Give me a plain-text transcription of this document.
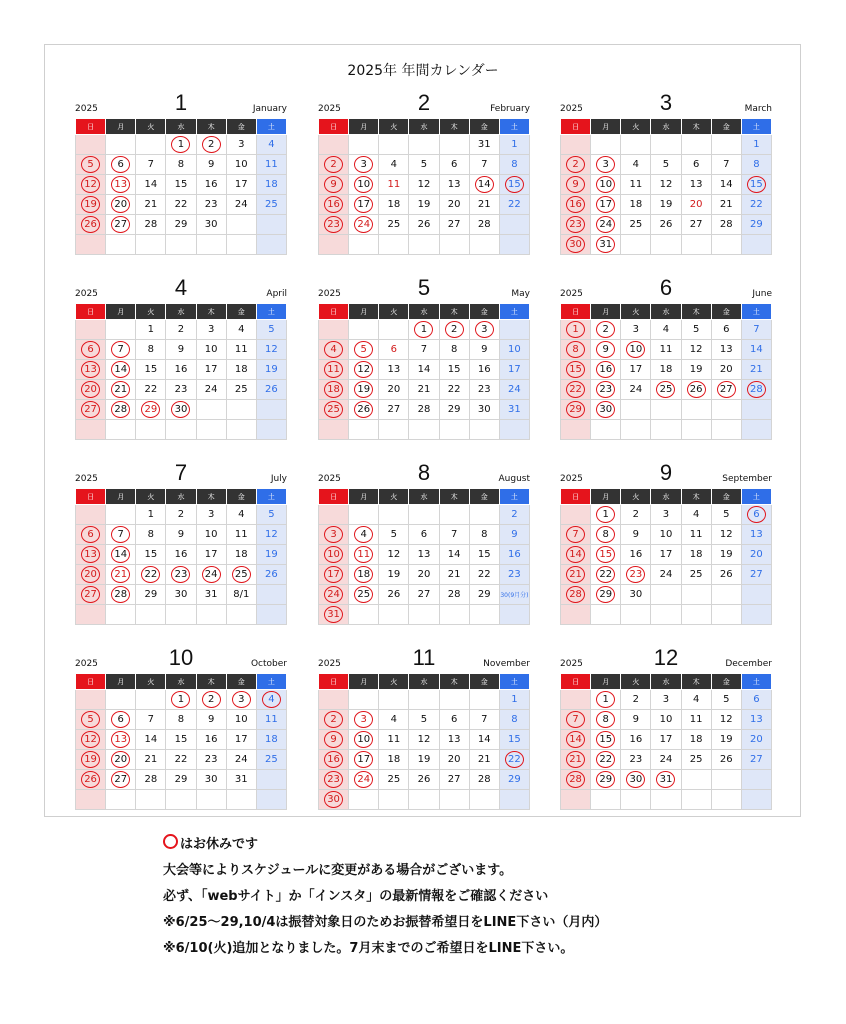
2025年 年間カレンダー
2025	1	January
日	月	火	水	木	金	土
			1	2	3	4
5	6	7	8	9	10	11
12	13	14	15	16	17	18
19	20	21	22	23	24	25
26	27	28	29	30		

2025	2	February
日	月	火	水	木	金	土
					31	1
2	3	4	5	6	7	8
9	10	11	12	13	14	15
16	17	18	19	20	21	22
23	24	25	26	27	28	

2025	3	March
日	月	火	水	木	金	土
						1
2	3	4	5	6	7	8
9	10	11	12	13	14	15
16	17	18	19	20	21	22
23	24	25	26	27	28	29
30	31					
2025	4	April
日	月	火	水	木	金	土
		1	2	3	4	5
6	7	8	9	10	11	12
13	14	15	16	17	18	19
20	21	22	23	24	25	26
27	28	29	30			

2025	5	May
日	月	火	水	木	金	土
			1	2	3	
4	5	6	7	8	9	10
11	12	13	14	15	16	17
18	19	20	21	22	23	24
25	26	27	28	29	30	31

2025	6	June
日	月	火	水	木	金	土
1	2	3	4	5	6	7
8	9	10	11	12	13	14
15	16	17	18	19	20	21
22	23	24	25	26	27	28
29	30					

2025	7	July
日	月	火	水	木	金	土
		1	2	3	4	5
6	7	8	9	10	11	12
13	14	15	16	17	18	19
20	21	22	23	24	25	26
27	28	29	30	31	8/1	

2025	8	August
日	月	火	水	木	金	土
						2
3	4	5	6	7	8	9
10	11	12	13	14	15	16
17	18	19	20	21	22	23
24	25	26	27	28	29	30(9月分)
31						
2025	9	September
日	月	火	水	木	金	土
	1	2	3	4	5	6
7	8	9	10	11	12	13
14	15	16	17	18	19	20
21	22	23	24	25	26	27
28	29	30				

2025	10	October
日	月	火	水	木	金	土
			1	2	3	4
5	6	7	8	9	10	11
12	13	14	15	16	17	18
19	20	21	22	23	24	25
26	27	28	29	30	31	

2025	11	November
日	月	火	水	木	金	土
						1
2	3	4	5	6	7	8
9	10	11	12	13	14	15
16	17	18	19	20	21	22
23	24	25	26	27	28	29
30						
2025	12	December
日	月	火	水	木	金	土
	1	2	3	4	5	6
7	8	9	10	11	12	13
14	15	16	17	18	19	20
21	22	23	24	25	26	27
28	29	30	31			

はお休みです
大会等によりスケジュールに変更がある場合がございます。
必ず、「webサイト」か「インスタ」の最新情報をご確認ください
※6/25〜29,10/4は振替対象日のためお振替希望日をLINE下さい（月内）
※6/10(火)追加となりました。7月末までのご希望日をLINE下さい。
